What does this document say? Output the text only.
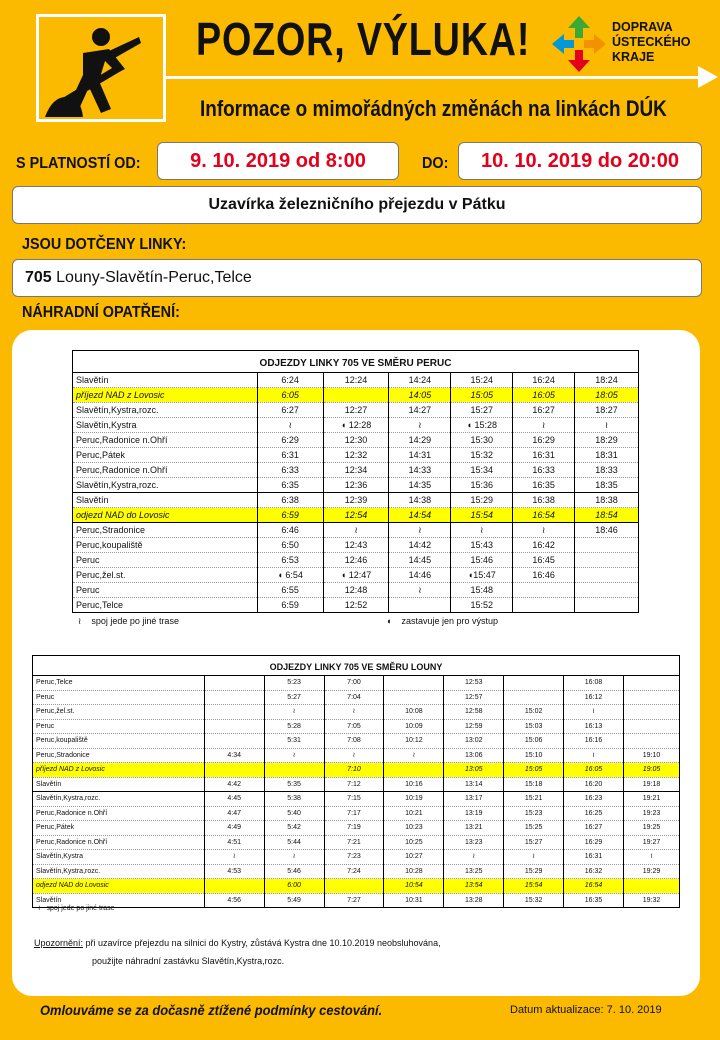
POZOR, VÝLUKA!
Informace o mimořádných změnách na linkách DÚK
DOPRAVA
ÚSTECKÉHO
KRAJE
S PLATNOSTÍ OD:	9. 10. 2019 od 8:00	DO:	10. 10. 2019 do 20:00
Uzavírka železničního přejezdu v Pátku
JSOU DOTČENY LINKY:
705 Louny-Slavětín-Peruc,Telce
NÁHRADNÍ OPATŘENÍ:
ODJEZDY LINKY 705 VE SMĚRU PERUC						
Slavětín	6:24	12:24	14:24	15:24	16:24	18:24
příjezd NAD z Lovosic	6:05		14:05	15:05	16:05	18:05
Slavětín,Kystra,rozc.	6:27	12:27	14:27	15:27	16:27	18:27
Slavětín,Kystra	≀	◖ 12:28	≀	◖ 15:28	≀	≀
Peruc,Radonice n.Ohří	6:29	12:30	14:29	15:30	16:29	18:29
Peruc,Pátek	6:31	12:32	14:31	15:32	16:31	18:31
Peruc,Radonice n.Ohří	6:33	12:34	14:33	15:34	16:33	18:33
Slavětín,Kystra,rozc.	6:35	12:36	14:35	15:36	16:35	18:35
Slavětín	6:38	12:39	14:38	15:29	16:38	18:38
odjezd NAD do Lovosic	6:59	12:54	14:54	15:54	16:54	18:54
Peruc,Stradonice	6:46	≀	≀	≀	≀	18:46
Peruc,koupaliště	6:50	12:43	14:42	15:43	16:42	
Peruc	6:53	12:46	14:45	15:46	16:45	
Peruc,žel.st.	◖ 6:54	◖ 12:47	14:46	◖15:47	16:46	
Peruc	6:55	12:48	≀	15:48		
Peruc,Telce	6:59	12:52		15:52		
≀    spoj jede po jiné trase	◖    zastavuje jen pro výstup
ODJEZDY LINKY 705 VE SMĚRU LOUNY								
Peruc,Telce		5:23	7:00		12:53		16:08	
Peruc		5:27	7:04		12:57		16:12	
Peruc,žel.st.		≀	≀	10:08	12:58	15:02	≀	
Peruc		5:28	7:05	10:09	12:59	15:03	16:13	
Peruc,koupaliště		5:31	7:08	10:12	13:02	15:06	16:16	
Peruc,Stradonice	4:34	≀	≀	≀	13:06	15:10	≀	19:10
příjezd NAD z Lovosic			7:10		13:05	15:05	16:05	19:05
Slavětín	4:42	5:35	7:12	10:16	13:14	15:18	16:20	19:18
Slavětín,Kystra,rozc.	4:45	5:38	7:15	10:19	13:17	15:21	16:23	19:21
Peruc,Radonice n.Ohří	4:47	5:40	7:17	10:21	13:19	15:23	16:25	19:23
Peruc,Pátek	4:49	5:42	7:19	10:23	13:21	15:25	16:27	19:25
Peruc,Radonice n.Ohří	4:51	5:44	7:21	10:25	13:23	15:27	16:29	19:27
Slavětín,Kystra	≀	≀	7:23	10:27	≀	≀	16:31	≀
Slavětín,Kystra,rozc.	4:53	5:46	7:24	10:28	13:25	15:29	16:32	19:29
odjezd NAD do Lovosic		6:00		10:54	13:54	15:54	16:54	
Slavětín	4:56	5:49	7:27	10:31	13:28	15:32	16:35	19:32
≀   spoj jede po jiné trase
Upozornění: při uzavírce přejezdu na silnici do Kystry, zůstává Kystra dne 10.10.2019 neobsluhována,
použijte náhradní zastávku Slavětín,Kystra,rozc.
Omlouváme se za dočasně ztížené podmínky cestování.	Datum aktualizace: 7. 10. 2019
